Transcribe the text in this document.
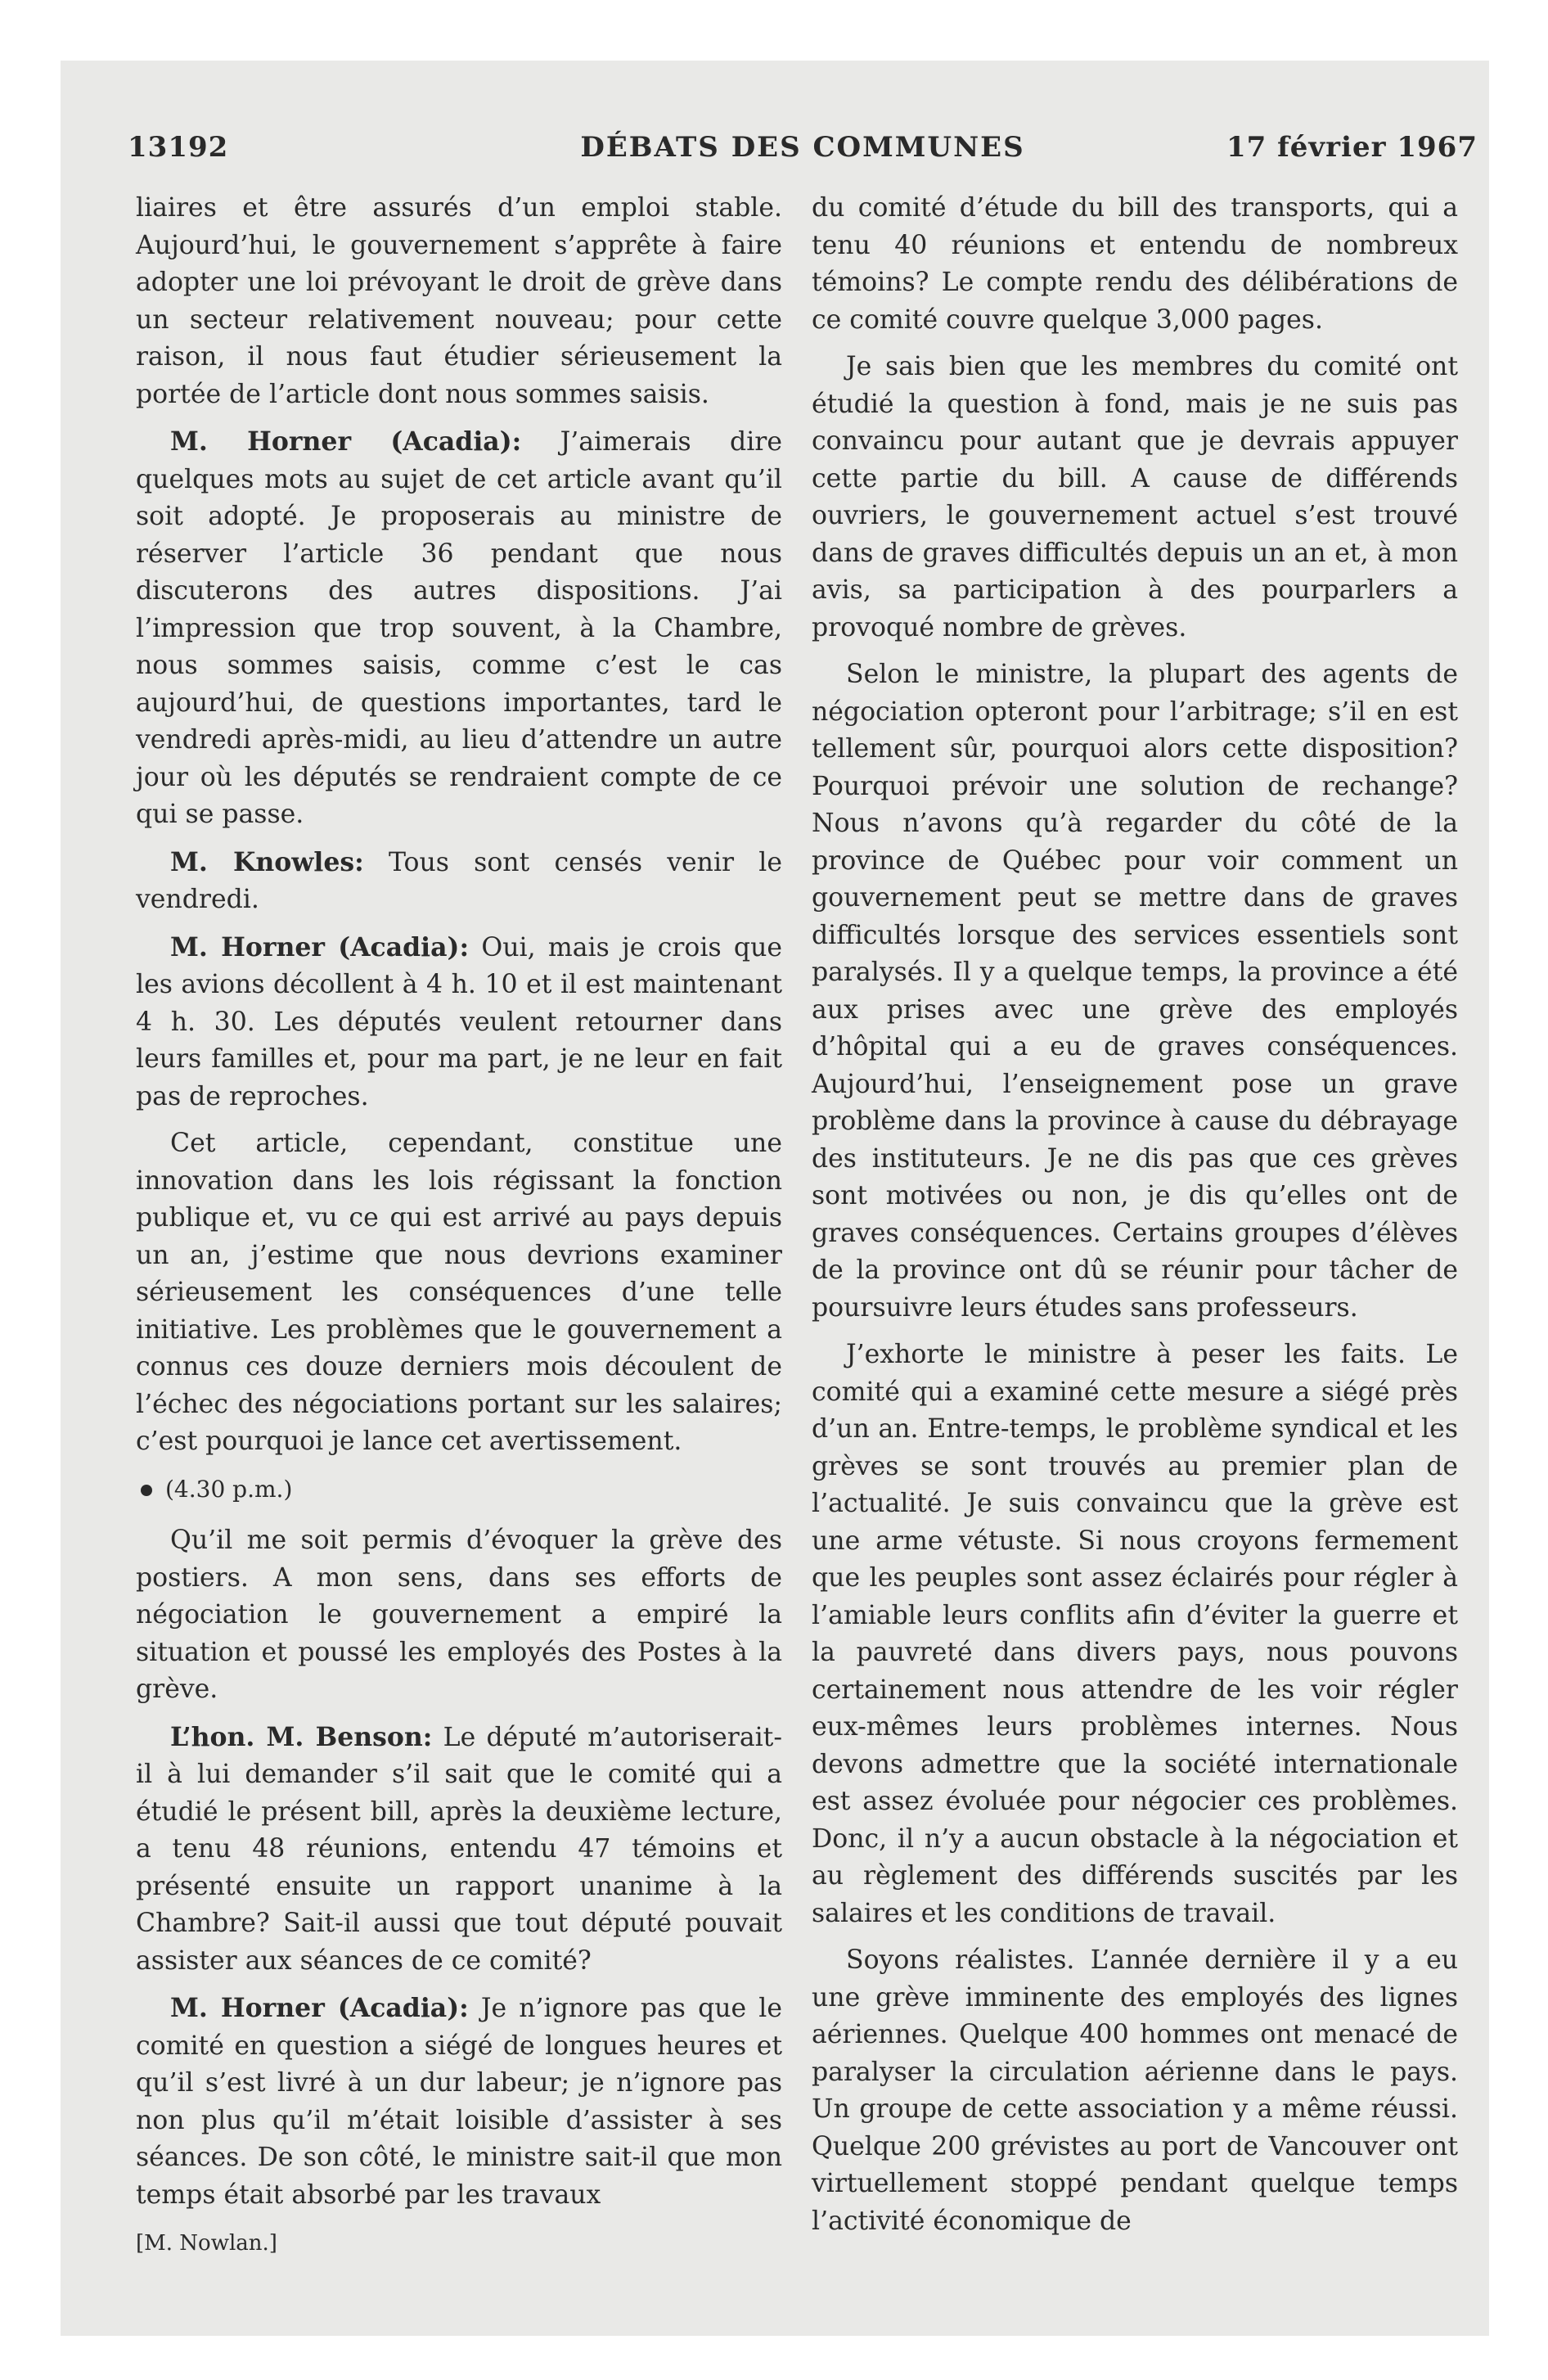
DÉBATS DES COMMUNES
13192	17 février 1967

liaires et être assurés d’un emploi stable. Aujourd’hui, le gouvernement s’apprête à faire adopter une loi prévoyant le droit de grève dans un secteur relativement nouveau; pour cette raison, il nous faut étudier sérieusement la portée de l’article dont nous sommes saisis.

M. Horner (Acadia): J’aimerais dire quelques mots au sujet de cet article avant qu’il soit adopté. Je proposerais au ministre de réserver l’article 36 pendant que nous discuterons des autres dispositions. J’ai l’impression que trop souvent, à la Chambre, nous sommes saisis, comme c’est le cas aujourd’hui, de questions importantes, tard le vendredi après-midi, au lieu d’attendre un autre jour où les députés se rendraient compte de ce qui se passe.

M. Knowles: Tous sont censés venir le vendredi.

M. Horner (Acadia): Oui, mais je crois que les avions décollent à 4 h. 10 et il est maintenant 4 h. 30. Les députés veulent retourner dans leurs familles et, pour ma part, je ne leur en fait pas de reproches.

Cet article, cependant, constitue une innovation dans les lois régissant la fonction publique et, vu ce qui est arrivé au pays depuis un an, j’estime que nous devrions examiner sérieusement les conséquences d’une telle initiative. Les problèmes que le gouvernement a connus ces douze derniers mois découlent de l’échec des négociations portant sur les salaires; c’est pourquoi je lance cet avertissement.

(4.30 p.m.)

Qu’il me soit permis d’évoquer la grève des postiers. A mon sens, dans ses efforts de négociation le gouvernement a empiré la situation et poussé les employés des Postes à la grève.

L’hon. M. Benson: Le député m’autoriserait-il à lui demander s’il sait que le comité qui a étudié le présent bill, après la deuxième lecture, a tenu 48 réunions, entendu 47 témoins et présenté ensuite un rapport unanime à la Chambre? Sait-il aussi que tout député pouvait assister aux séances de ce comité?

M. Horner (Acadia): Je n’ignore pas que le comité en question a siégé de longues heures et qu’il s’est livré à un dur labeur; je n’ignore pas non plus qu’il m’était loisible d’assister à ses séances. De son côté, le ministre sait-il que mon temps était absorbé par les travaux

[M. Nowlan.]

du comité d’étude du bill des transports, qui a tenu 40 réunions et entendu de nombreux témoins? Le compte rendu des délibérations de ce comité couvre quelque 3,000 pages.

Je sais bien que les membres du comité ont étudié la question à fond, mais je ne suis pas convaincu pour autant que je devrais appuyer cette partie du bill. A cause de différends ouvriers, le gouvernement actuel s’est trouvé dans de graves difficultés depuis un an et, à mon avis, sa participation à des pourparlers a provoqué nombre de grèves.

Selon le ministre, la plupart des agents de négociation opteront pour l’arbitrage; s’il en est tellement sûr, pourquoi alors cette disposition? Pourquoi prévoir une solution de rechange? Nous n’avons qu’à regarder du côté de la province de Québec pour voir comment un gouvernement peut se mettre dans de graves difficultés lorsque des services essentiels sont paralysés. Il y a quelque temps, la province a été aux prises avec une grève des employés d’hôpital qui a eu de graves conséquences. Aujourd’hui, l’enseignement pose un grave problème dans la province à cause du débrayage des instituteurs. Je ne dis pas que ces grèves sont motivées ou non, je dis qu’elles ont de graves conséquences. Certains groupes d’élèves de la province ont dû se réunir pour tâcher de poursuivre leurs études sans professeurs.

J’exhorte le ministre à peser les faits. Le comité qui a examiné cette mesure a siégé près d’un an. Entre-temps, le problème syndical et les grèves se sont trouvés au premier plan de l’actualité. Je suis convaincu que la grève est une arme vétuste. Si nous croyons fermement que les peuples sont assez éclairés pour régler à l’amiable leurs conflits afin d’éviter la guerre et la pauvreté dans divers pays, nous pouvons certainement nous attendre de les voir régler eux-mêmes leurs problèmes internes. Nous devons admettre que la société internationale est assez évoluée pour négocier ces problèmes. Donc, il n’y a aucun obstacle à la négociation et au règlement des différends suscités par les salaires et les conditions de travail.

Soyons réalistes. L’année dernière il y a eu une grève imminente des employés des lignes aériennes. Quelque 400 hommes ont menacé de paralyser la circulation aérienne dans le pays. Un groupe de cette association y a même réussi. Quelque 200 grévistes au port de Vancouver ont virtuellement stoppé pendant quelque temps l’activité économique de
